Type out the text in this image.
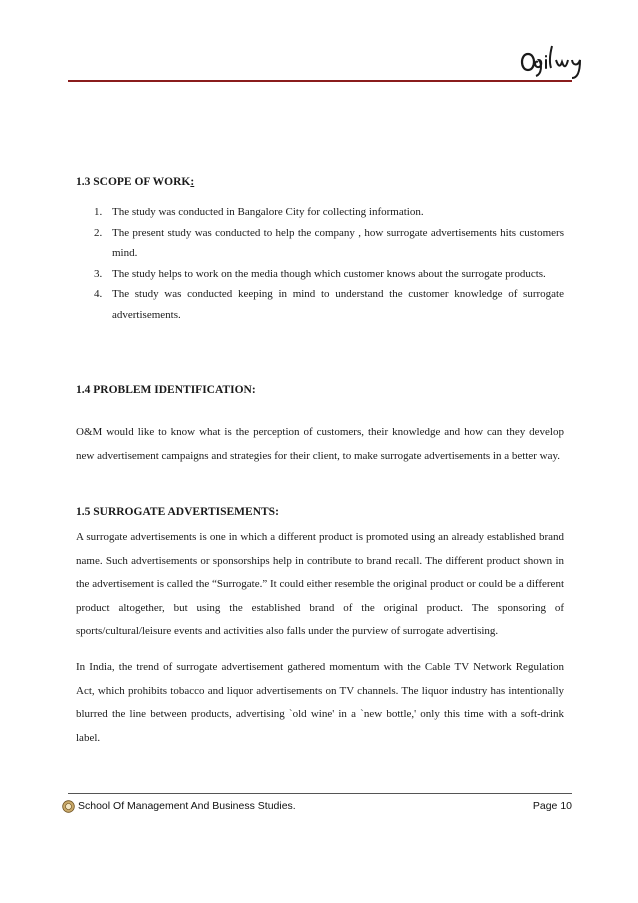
1.3 SCOPE OF WORK:
1. The study was conducted in Bangalore City for collecting information.
2. The present study was conducted to help the company , how surrogate advertisements hits customers mind.
3. The study helps to work on the media though which customer knows about the surrogate products.
4. The study was conducted keeping in mind to understand the customer knowledge of surrogate advertisements.
1.4 PROBLEM IDENTIFICATION:

O&M would like to know what is the perception of customers, their knowledge and how can they develop new advertisement campaigns and strategies for their client, to make surrogate advertisements in a better way.

1.5 SURROGATE ADVERTISEMENTS:

A surrogate advertisements is one in which a different product is promoted using an already established brand name. Such advertisements or sponsorships help in contribute to brand recall. The different product shown in the advertisement is called the “Surrogate.” It could either resemble the original product or could be a different product altogether, but using the established brand of the original product. The sponsoring of sports/cultural/leisure events and activities also falls under the purview of surrogate advertising.

In India, the trend of surrogate advertisement gathered momentum with the Cable TV Network Regulation Act, which prohibits tobacco and liquor advertisements on TV channels. The liquor industry has intentionally blurred the line between products, advertising `old wine' in a `new bottle,' only this time with a soft-drink label.

School Of Management And Business Studies.	Page 10
